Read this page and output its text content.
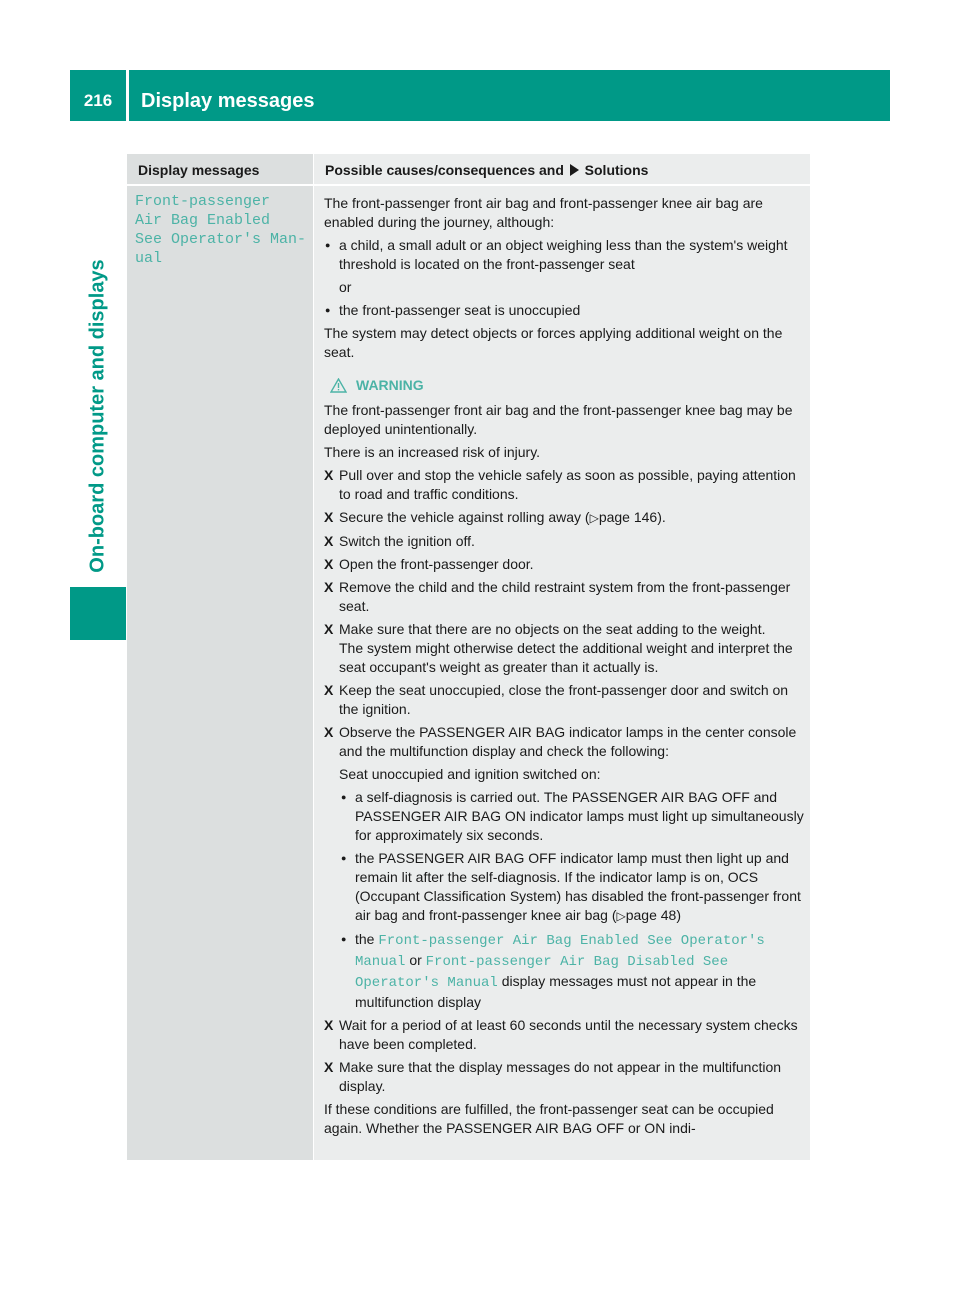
216	Display messages
On-board computer and displays
Display messages	Possible causes/consequences and Solutions
Front-passenger
Air Bag Enabled
See Operator's Man‑
ual
The front-passenger front air bag and front-passenger knee air bag are enabled during the journey, although:
● a child, a small adult or an object weighing less than the system's weight threshold is located on the front-passenger seat
or
● the front-passenger seat is unoccupied
The system may detect objects or forces applying additional weight on the seat.
WARNING
The front-passenger front air bag and the front-passenger knee bag may be deployed unintentionally.
There is an increased risk of injury.
X Pull over and stop the vehicle safely as soon as possible, paying attention to road and traffic conditions.
X Secure the vehicle against rolling away (▷page 146).
X Switch the ignition off.
X Open the front-passenger door.
X Remove the child and the child restraint system from the front-passenger seat.
X Make sure that there are no objects on the seat adding to the weight.
The system might otherwise detect the additional weight and interpret the seat occupant's weight as greater than it actually is.
X Keep the seat unoccupied, close the front-passenger door and switch on the ignition.
X Observe the PASSENGER AIR BAG indicator lamps in the center console and the multifunction display and check the following:
Seat unoccupied and ignition switched on:
● a self-diagnosis is carried out. The PASSENGER AIR BAG OFF and PASSENGER AIR BAG ON indicator lamps must light up simultaneously for approximately six seconds.
● the PASSENGER AIR BAG OFF indicator lamp must then light up and remain lit after the self-diagnosis. If the indicator lamp is on, OCS (Occupant Classification System) has disabled the front-passenger front air bag and front-passenger knee air bag (▷page 48)
● the Front-passenger Air Bag Enabled See Operator's Manual or Front-passenger Air Bag Disabled See Operator's Manual display messages must not appear in the multifunction display
X Wait for a period of at least 60 seconds until the necessary system checks have been completed.
X Make sure that the display messages do not appear in the multifunction display.
If these conditions are fulfilled, the front-passenger seat can be occupied again. Whether the PASSENGER AIR BAG OFF or ON indi-
